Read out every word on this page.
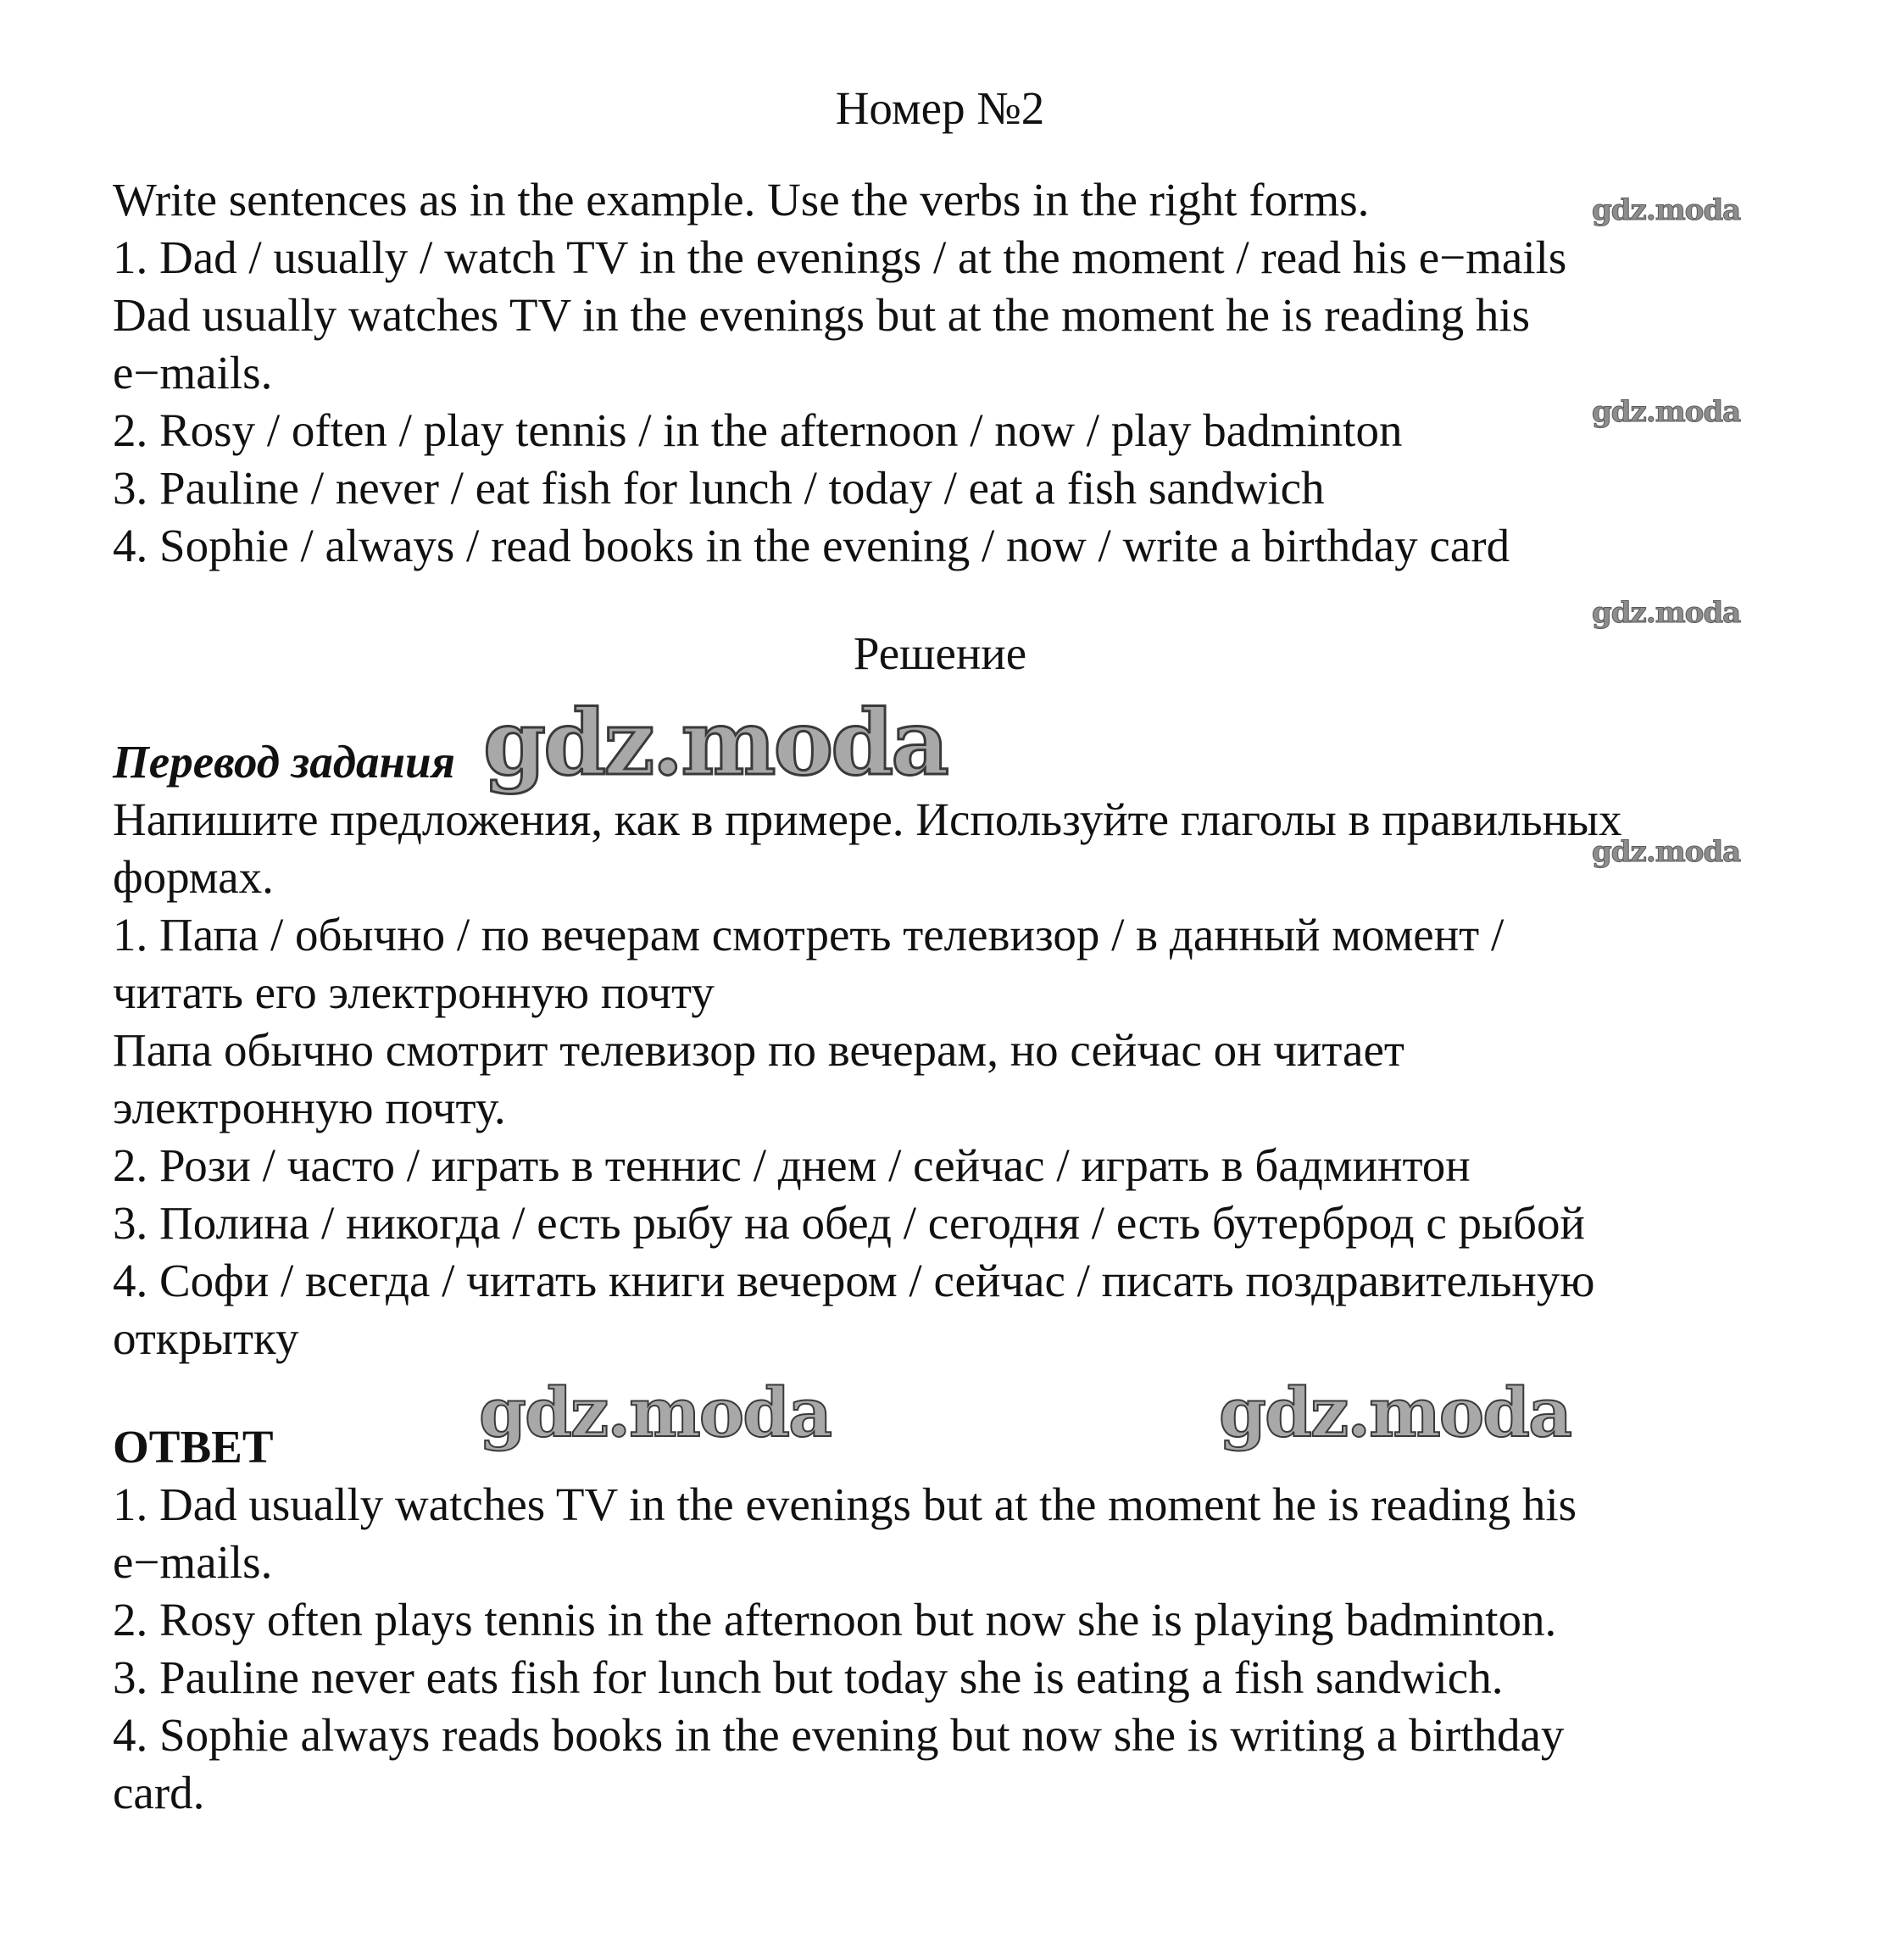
Номер №2

Write sentences as in the example. Use the verbs in the right forms.

1. Dad / usually / watch TV in the evenings / at the moment / read his e−mails

Dad usually watches TV in the evenings but at the moment he is reading his

e−mails.

2. Rosy / often / play tennis / in the afternoon / now / play badminton

3. Pauline / never / eat fish for lunch / today / eat a fish sandwich

4. Sophie / always / read books in the evening / now / write a birthday card

Решение

Перевод задания

Напишите предложения, как в примере. Используйте глаголы в правильных

формах.

1. Папа / обычно / по вечерам смотреть телевизор / в данный момент /

читать его электронную почту

Папа обычно смотрит телевизор по вечерам, но сейчас он читает

электронную почту.

2. Рози / часто / играть в теннис / днем / сейчас / играть в бадминтон

3. Полина / никогда / есть рыбу на обед / сегодня / есть бутерброд с рыбой

4. Софи / всегда / читать книги вечером / сейчас / писать поздравительную

открытку

ОТВЕТ

1. Dad usually watches TV in the evenings but at the moment he is reading his

e−mails.

2. Rosy often plays tennis in the afternoon but now she is playing badminton.

3. Pauline never eats fish for lunch but today she is eating a fish sandwich.

4. Sophie always reads books in the evening but now she is writing a birthday

card.

gdz.moda
gdz.moda
gdz.moda
gdz.moda
gdz.moda
gdz.moda	gdz.moda
